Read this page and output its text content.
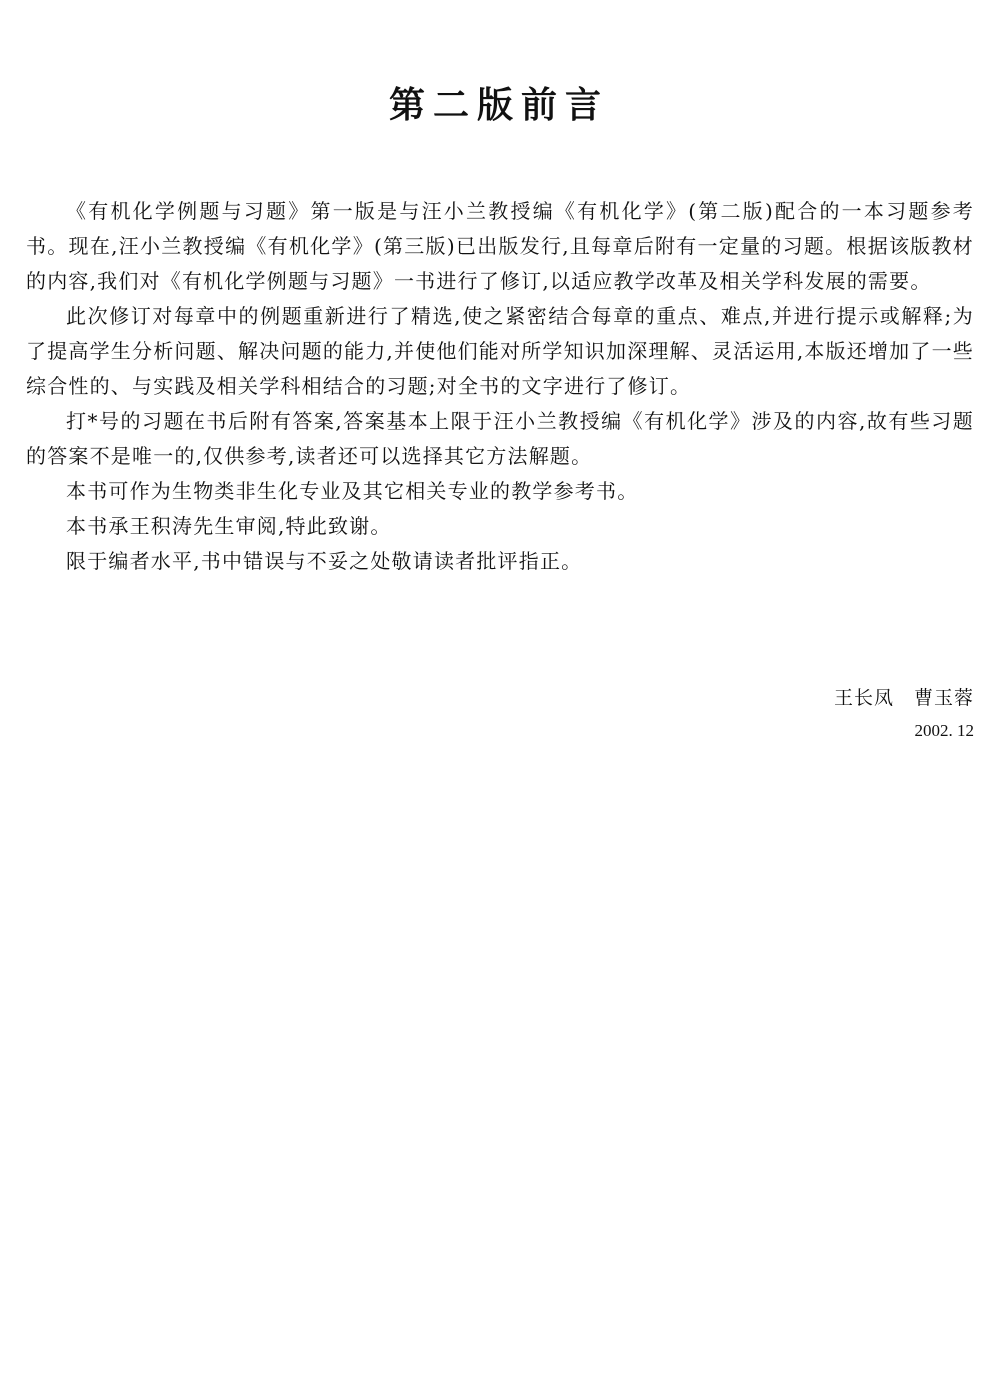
第二版前言

《有机化学例题与习题》第一版是与汪小兰教授编《有机化学》(第二版)配合的一本习题参考书。现在,汪小兰教授编《有机化学》(第三版)已出版发行,且每章后附有一定量的习题。根据该版教材的内容,我们对《有机化学例题与习题》一书进行了修订,以适应教学改革及相关学科发展的需要。

此次修订对每章中的例题重新进行了精选,使之紧密结合每章的重点、难点,并进行提示或解释;为了提高学生分析问题、解决问题的能力,并使他们能对所学知识加深理解、灵活运用,本版还增加了一些综合性的、与实践及相关学科相结合的习题;对全书的文字进行了修订。

打*号的习题在书后附有答案,答案基本上限于汪小兰教授编《有机化学》涉及的内容,故有些习题的答案不是唯一的,仅供参考,读者还可以选择其它方法解题。

本书可作为生物类非生化专业及其它相关专业的教学参考书。

本书承王积涛先生审阅,特此致谢。

限于编者水平,书中错误与不妥之处敬请读者批评指正。

王长凤　曹玉蓉
2002. 12
